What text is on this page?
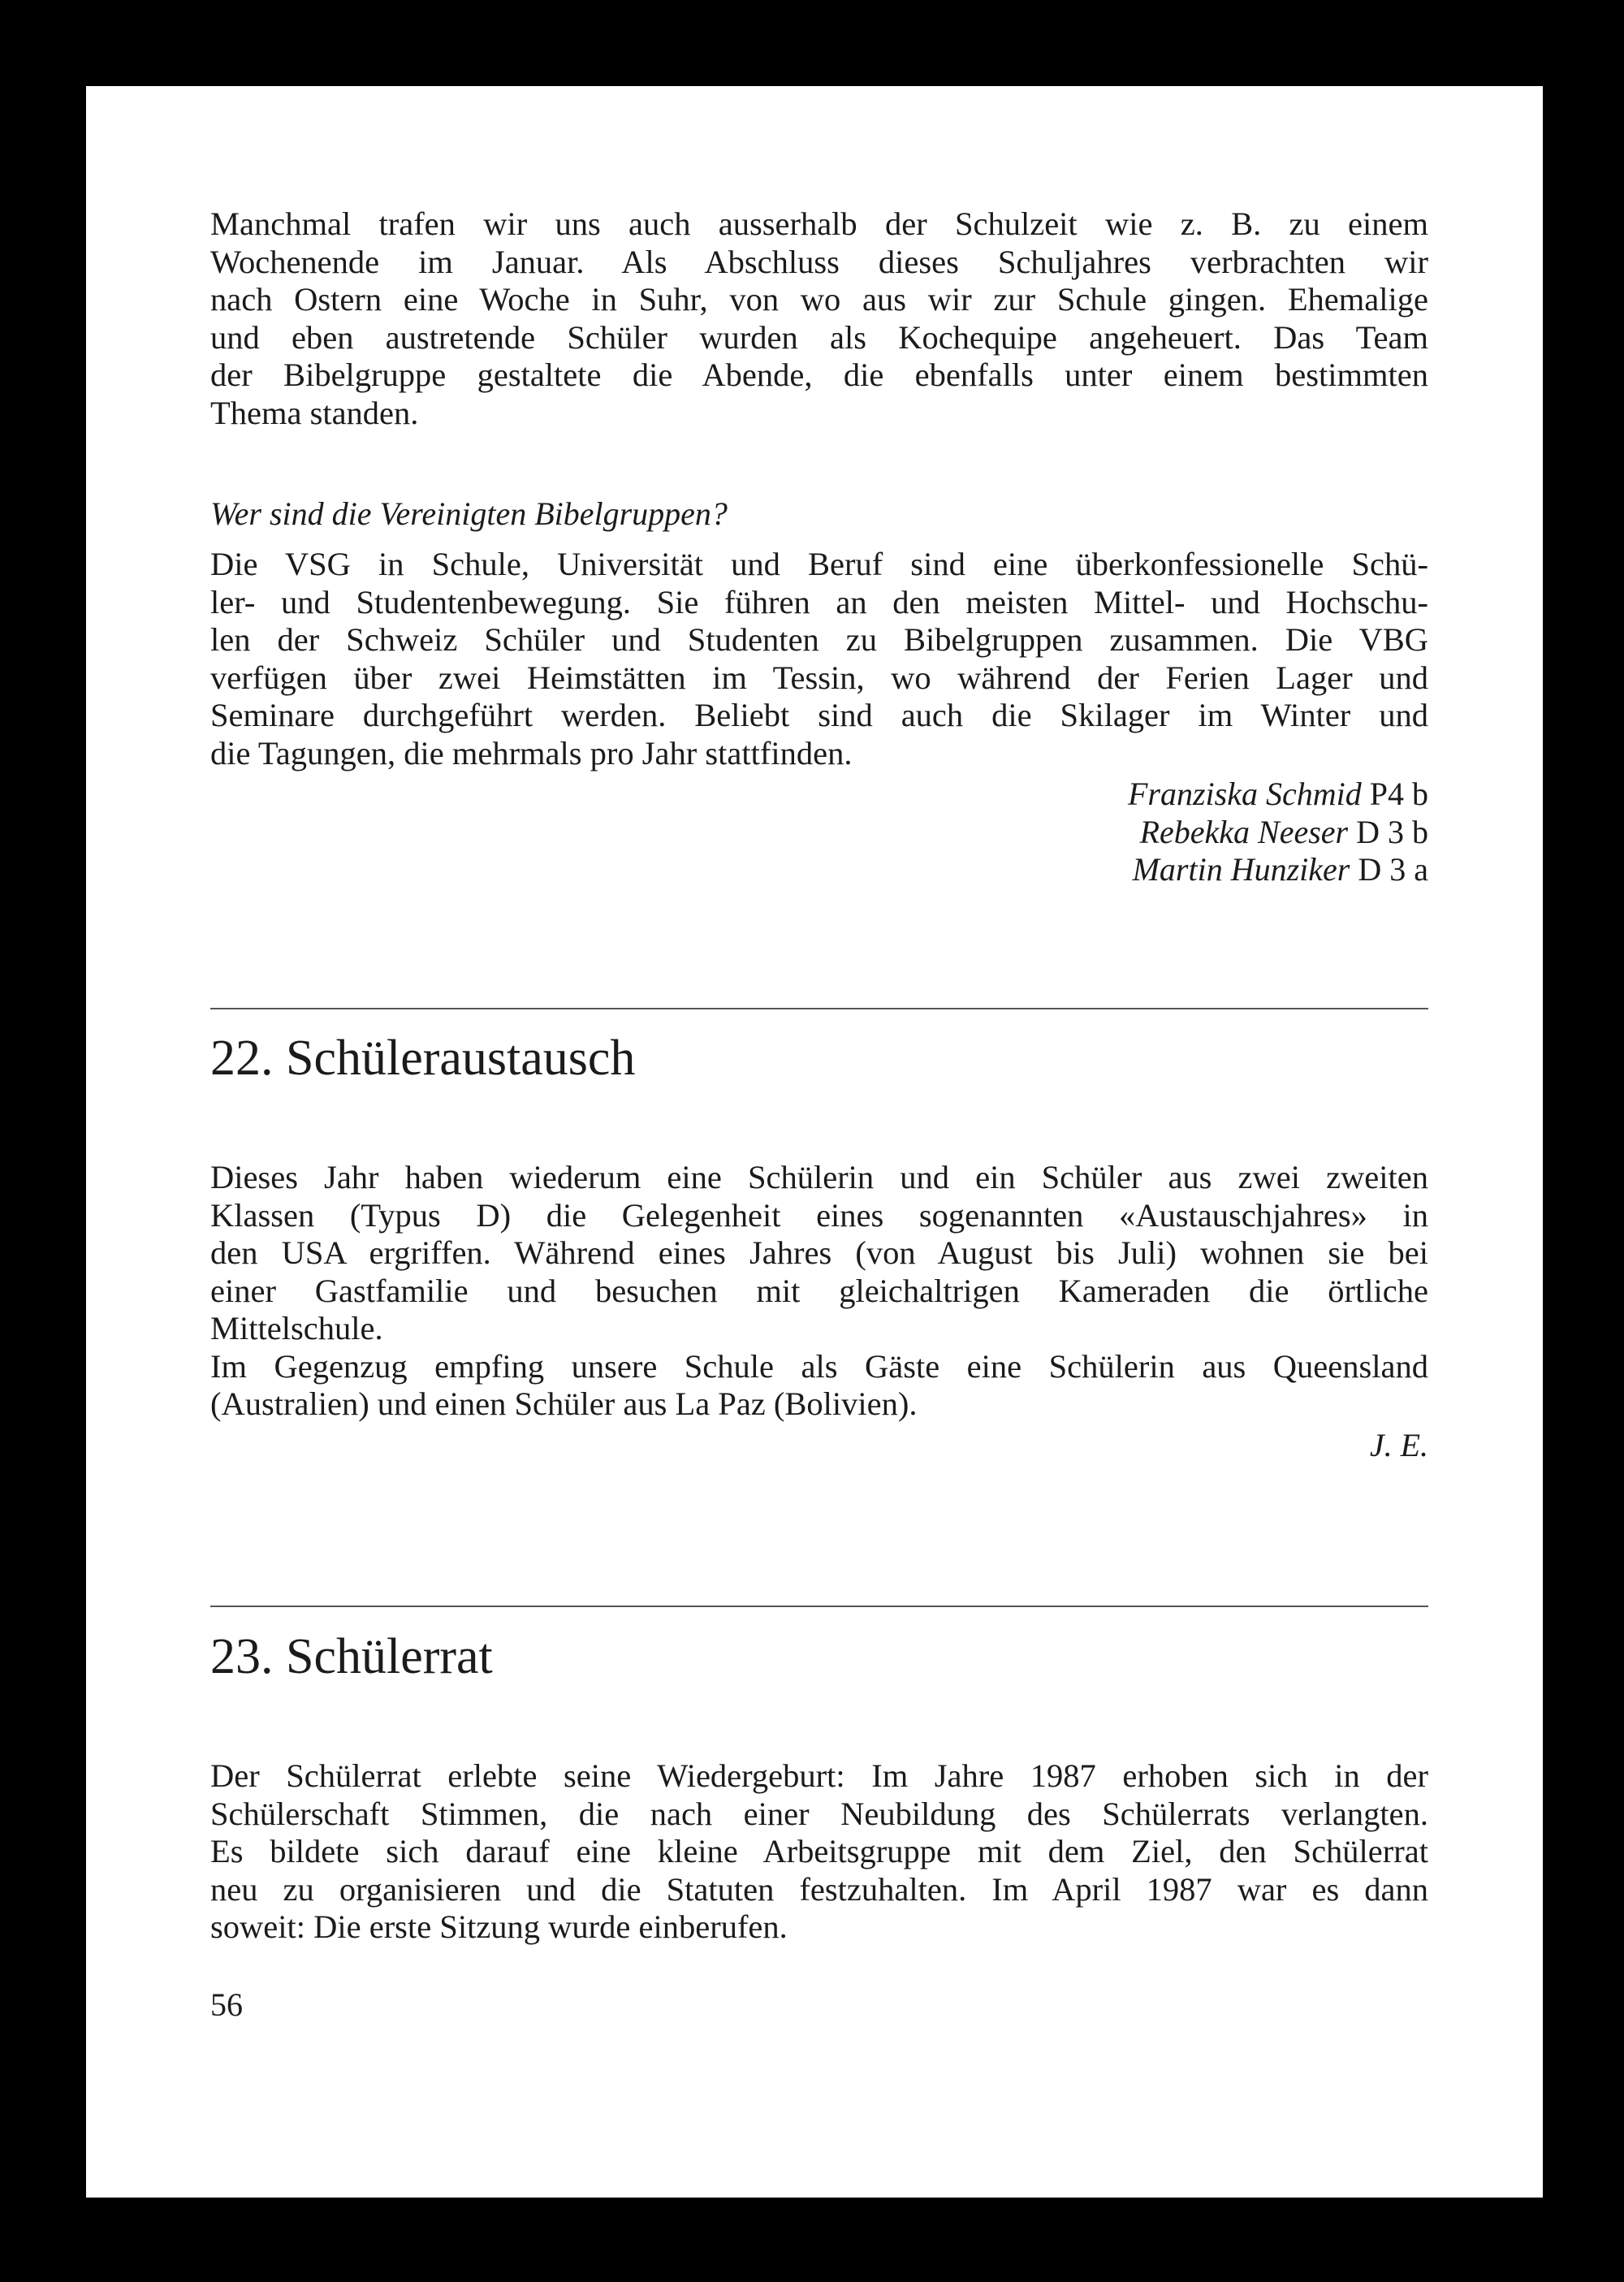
Manchmal trafen wir uns auch ausserhalb der Schulzeit wie z. B. zu einem
Wochenende im Januar. Als Abschluss dieses Schuljahres verbrachten wir
nach Ostern eine Woche in Suhr, von wo aus wir zur Schule gingen. Ehemalige
und eben austretende Schüler wurden als Kochequipe angeheuert. Das Team
der Bibelgruppe gestaltete die Abende, die ebenfalls unter einem bestimmten
Thema standen.

Wer sind die Vereinigten Bibelgruppen?

Die VSG in Schule, Universität und Beruf sind eine überkonfessionelle Schü-
ler- und Studentenbewegung. Sie führen an den meisten Mittel- und Hochschu-
len der Schweiz Schüler und Studenten zu Bibelgruppen zusammen. Die VBG
verfügen über zwei Heimstätten im Tessin, wo während der Ferien Lager und
Seminare durchgeführt werden. Beliebt sind auch die Skilager im Winter und
die Tagungen, die mehrmals pro Jahr stattfinden.

Franziska Schmid P4 b
Rebekka Neeser D 3 b
Martin Hunziker D 3 a
22. Schüleraustausch

Dieses Jahr haben wiederum eine Schülerin und ein Schüler aus zwei zweiten
Klassen (Typus D) die Gelegenheit eines sogenannten «Austauschjahres» in
den USA ergriffen. Während eines Jahres (von August bis Juli) wohnen sie bei
einer Gastfamilie und besuchen mit gleichaltrigen Kameraden die örtliche
Mittelschule.
Im Gegenzug empfing unsere Schule als Gäste eine Schülerin aus Queensland
(Australien) und einen Schüler aus La Paz (Bolivien).

J. E.
23. Schülerrat

Der Schülerrat erlebte seine Wiedergeburt: Im Jahre 1987 erhoben sich in der
Schülerschaft Stimmen, die nach einer Neubildung des Schülerrats verlangten.
Es bildete sich darauf eine kleine Arbeitsgruppe mit dem Ziel, den Schülerrat
neu zu organisieren und die Statuten festzuhalten. Im April 1987 war es dann
soweit: Die erste Sitzung wurde einberufen.

56
